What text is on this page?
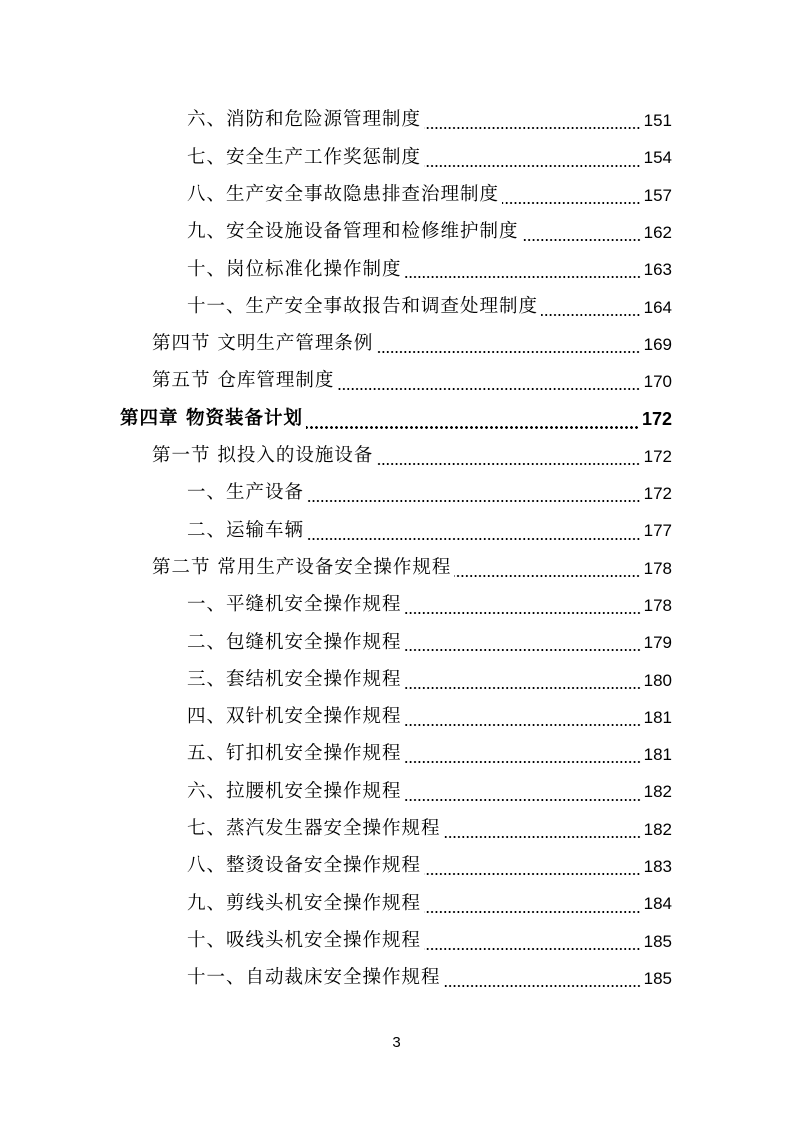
六、消防和危险源管理制度	151
七、安全生产工作奖惩制度	154
八、生产安全事故隐患排查治理制度	157
九、安全设施设备管理和检修维护制度	162
十、岗位标准化操作制度	163
十一、生产安全事故报告和调查处理制度	164
第四节 文明生产管理条例	169
第五节 仓库管理制度	170
第四章 物资装备计划	172
第一节 拟投入的设施设备	172
一、生产设备	172
二、运输车辆	177
第二节 常用生产设备安全操作规程	178
一、平缝机安全操作规程	178
二、包缝机安全操作规程	179
三、套结机安全操作规程	180
四、双针机安全操作规程	181
五、钉扣机安全操作规程	181
六、拉腰机安全操作规程	182
七、蒸汽发生器安全操作规程	182
八、整烫设备安全操作规程	183
九、剪线头机安全操作规程	184
十、吸线头机安全操作规程	185
十一、自动裁床安全操作规程	185
3
